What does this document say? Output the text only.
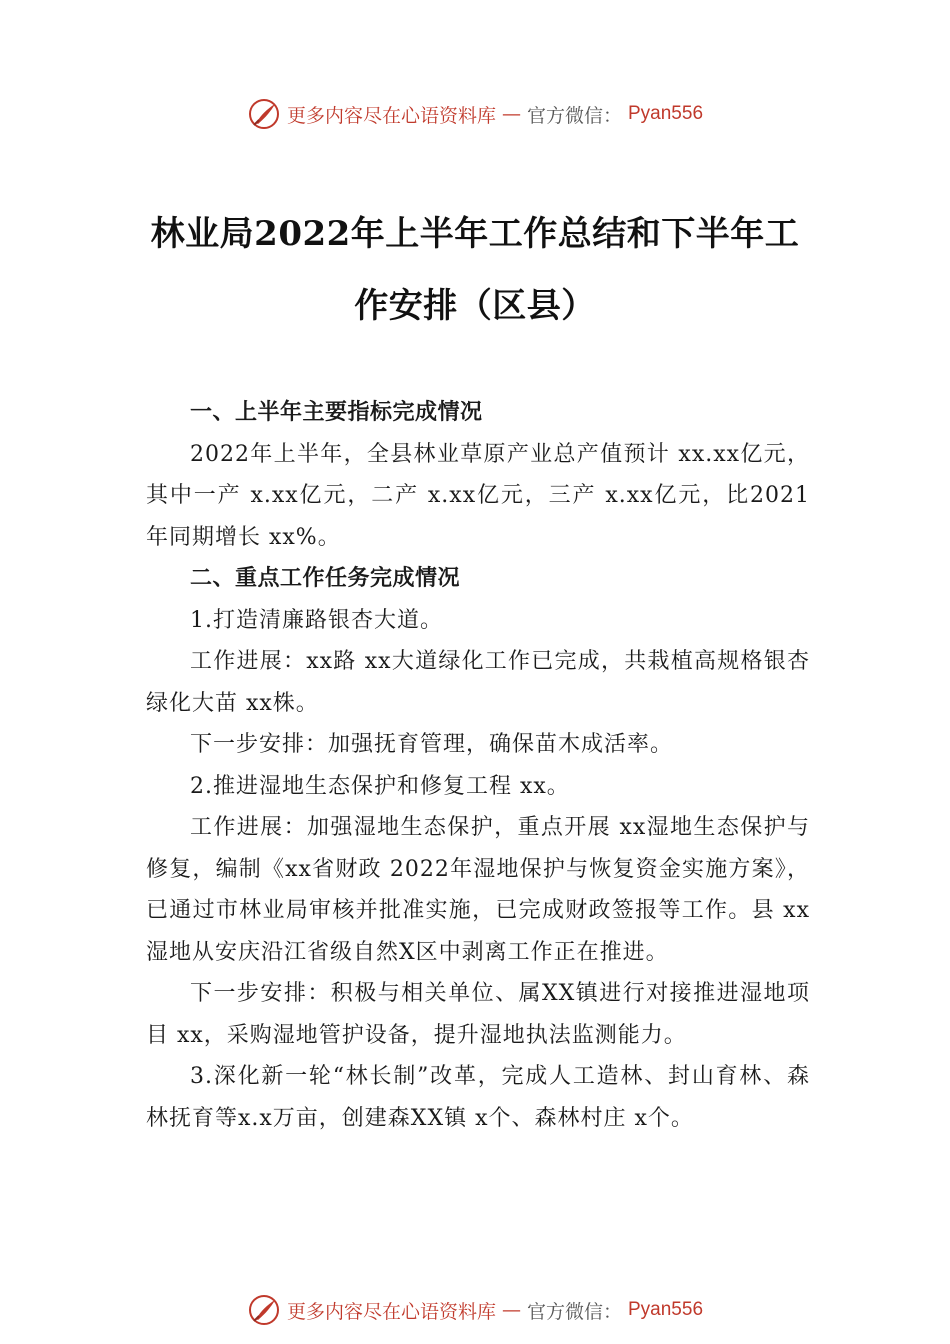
更多内容尽在心语资料库 — 官方微信： Pyan556
林业局2022年上半年工作总结和下半年工
作安排（区县）
一、上半年主要指标完成情况

2022年上半年，全县林业草原产业总产值预计 xx.xx亿元，其中一产 x.xx亿元，二产 x.xx亿元，三产 x.xx亿元，比2021年同期增长 xx%。

二、重点工作任务完成情况

1.打造清廉路银杏大道。

工作进展：xx路 xx大道绿化工作已完成，共栽植高规格银杏绿化大苗 xx株。

下一步安排：加强抚育管理，确保苗木成活率。

2.推进湿地生态保护和修复工程 xx。

工作进展：加强湿地生态保护，重点开展 xx湿地生态保护与修复，编制《xx省财政 2022年湿地保护与恢复资金实施方案》，已通过市林业局审核并批准实施，已完成财政签报等工作。县 xx 湿地从安庆沿江省级自然X区中剥离工作正在推进。

下一步安排：积极与相关单位、属XX镇进行对接推进湿地项目 xx，采购湿地管护设备，提升湿地执法监测能力。

3.深化新一轮“林长制”改革，完成人工造林、封山育林、森林抚育等x.x万亩，创建森XX镇 x个、森林村庄 x个。

更多内容尽在心语资料库 — 官方微信： Pyan556
